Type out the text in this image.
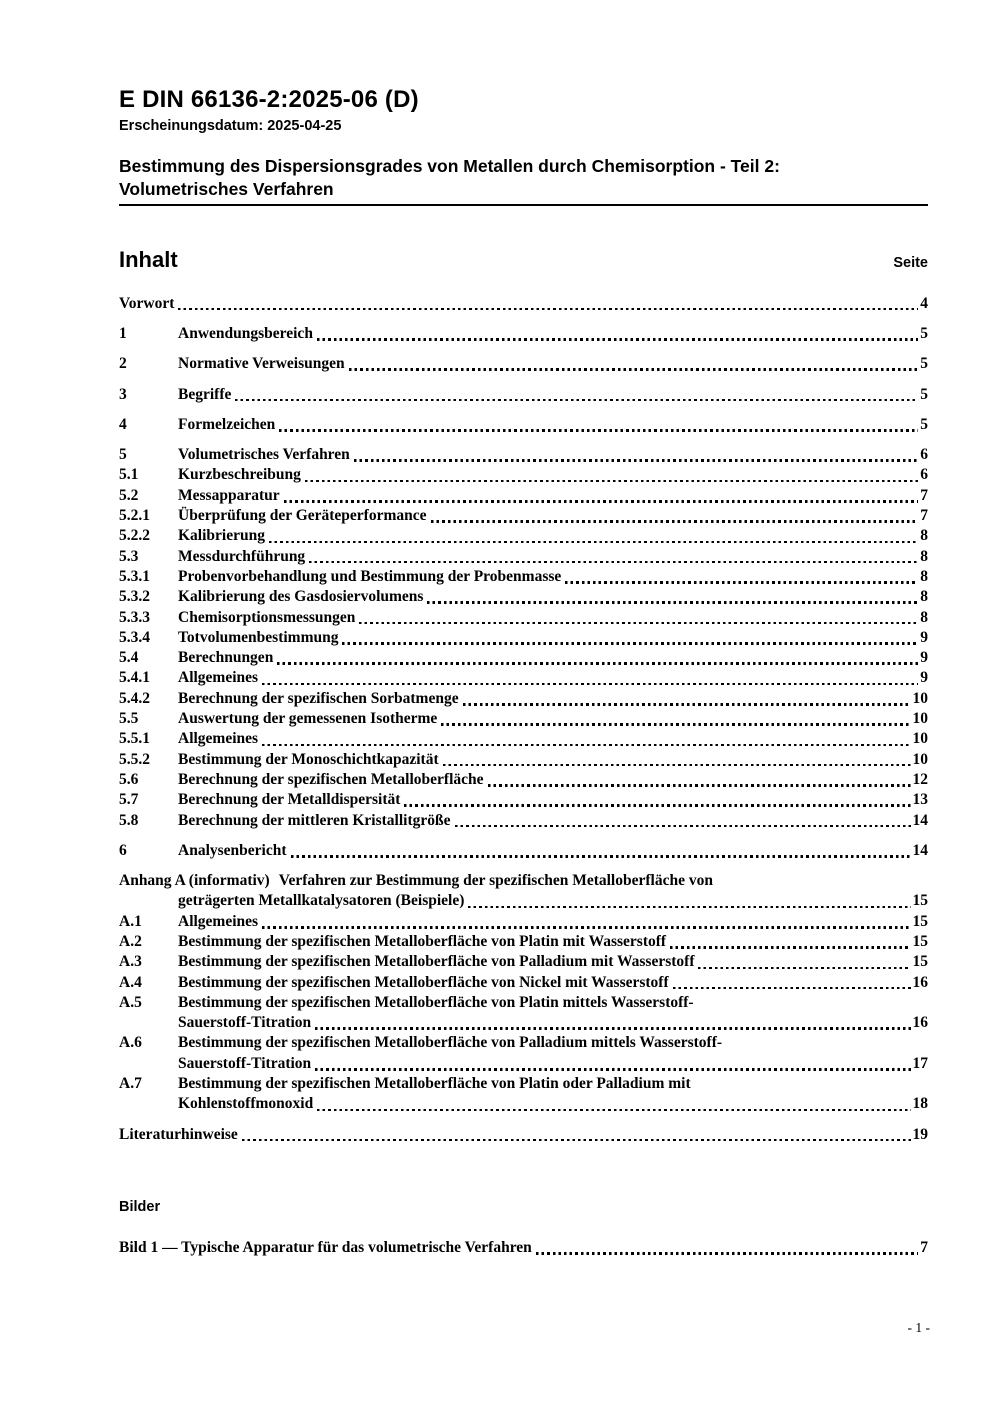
E DIN 66136-2:2025-06 (D)
Erscheinungsdatum: 2025-04-25
Bestimmung des Dispersionsgrades von Metallen durch Chemisorption - Teil 2:
Volumetrisches Verfahren
Inhalt	Seite
Vorwort	4
1	Anwendungsbereich	5
2	Normative Verweisungen	5
3	Begriffe	5
4	Formelzeichen	5
5	Volumetrisches Verfahren	6
5.1	Kurzbeschreibung	6
5.2	Messapparatur	7
5.2.1	Überprüfung der Geräteperformance	7
5.2.2	Kalibrierung	8
5.3	Messdurchführung	8
5.3.1	Probenvorbehandlung und Bestimmung der Probenmasse	8
5.3.2	Kalibrierung des Gasdosiervolumens	8
5.3.3	Chemisorptionsmessungen	8
5.3.4	Totvolumenbestimmung	9
5.4	Berechnungen	9
5.4.1	Allgemeines	9
5.4.2	Berechnung der spezifischen Sorbatmenge	10
5.5	Auswertung der gemessenen Isotherme	10
5.5.1	Allgemeines	10
5.5.2	Bestimmung der Monoschichtkapazität	10
5.6	Berechnung der spezifischen Metalloberfläche	12
5.7	Berechnung der Metalldispersität	13
5.8	Berechnung der mittleren Kristallitgröße	14
6	Analysenbericht	14
Anhang A (informativ) Verfahren zur Bestimmung der spezifischen Metalloberfläche von
geträgerten Metallkatalysatoren (Beispiele)	15
A.1	Allgemeines	15
A.2	Bestimmung der spezifischen Metalloberfläche von Platin mit Wasserstoff	15
A.3	Bestimmung der spezifischen Metalloberfläche von Palladium mit Wasserstoff	15
A.4	Bestimmung der spezifischen Metalloberfläche von Nickel mit Wasserstoff	16
A.5	Bestimmung der spezifischen Metalloberfläche von Platin mittels Wasserstoff-
Sauerstoff-Titration	16
A.6	Bestimmung der spezifischen Metalloberfläche von Palladium mittels Wasserstoff-
Sauerstoff-Titration	17
A.7	Bestimmung der spezifischen Metalloberfläche von Platin oder Palladium mit
Kohlenstoffmonoxid	18
Literaturhinweise	19
Bilder
Bild 1 — Typische Apparatur für das volumetrische Verfahren	7
- 1 -
